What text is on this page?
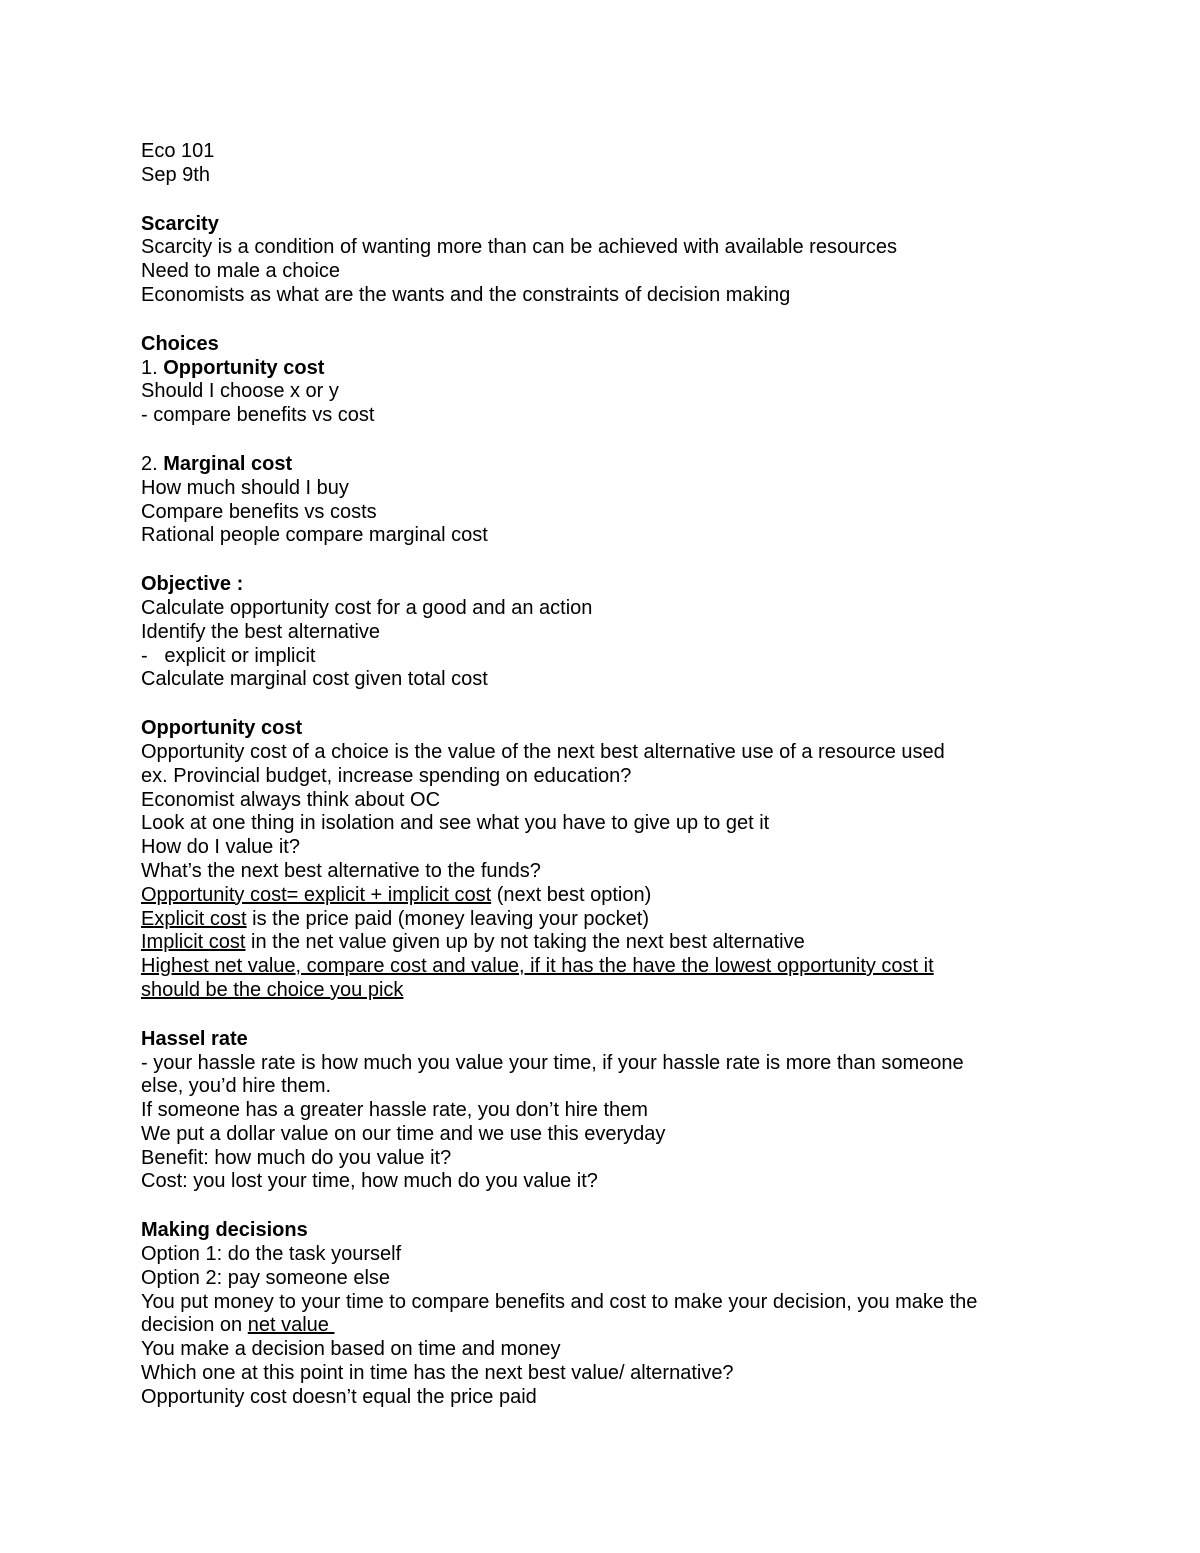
Eco 101
Sep 9th
Scarcity
Scarcity is a condition of wanting more than can be achieved with available resources
Need to male a choice
Economists as what are the wants and the constraints of decision making
Choices
1. Opportunity cost
Should I choose x or y
- compare benefits vs cost
2. Marginal cost
How much should I buy
Compare benefits vs costs
Rational people compare marginal cost
Objective :
Calculate opportunity cost for a good and an action
Identify the best alternative
-   explicit or implicit
Calculate marginal cost given total cost
Opportunity cost
Opportunity cost of a choice is the value of the next best alternative use of a resource used
ex. Provincial budget, increase spending on education?
Economist always think about OC
Look at one thing in isolation and see what you have to give up to get it
How do I value it?
What’s the next best alternative to the funds?
Opportunity cost= explicit + implicit cost (next best option)
Explicit cost is the price paid (money leaving your pocket)
Implicit cost in the net value given up by not taking the next best alternative
Highest net value, compare cost and value, if it has the have the lowest opportunity cost it
should be the choice you pick
Hassel rate
- your hassle rate is how much you value your time, if your hassle rate is more than someone
else, you’d hire them.
If someone has a greater hassle rate, you don’t hire them
We put a dollar value on our time and we use this everyday
Benefit: how much do you value it?
Cost: you lost your time, how much do you value it?
Making decisions
Option 1: do the task yourself
Option 2: pay someone else
You put money to your time to compare benefits and cost to make your decision, you make the
decision on net value
You make a decision based on time and money
Which one at this point in time has the next best value/ alternative?
Opportunity cost doesn’t equal the price paid
